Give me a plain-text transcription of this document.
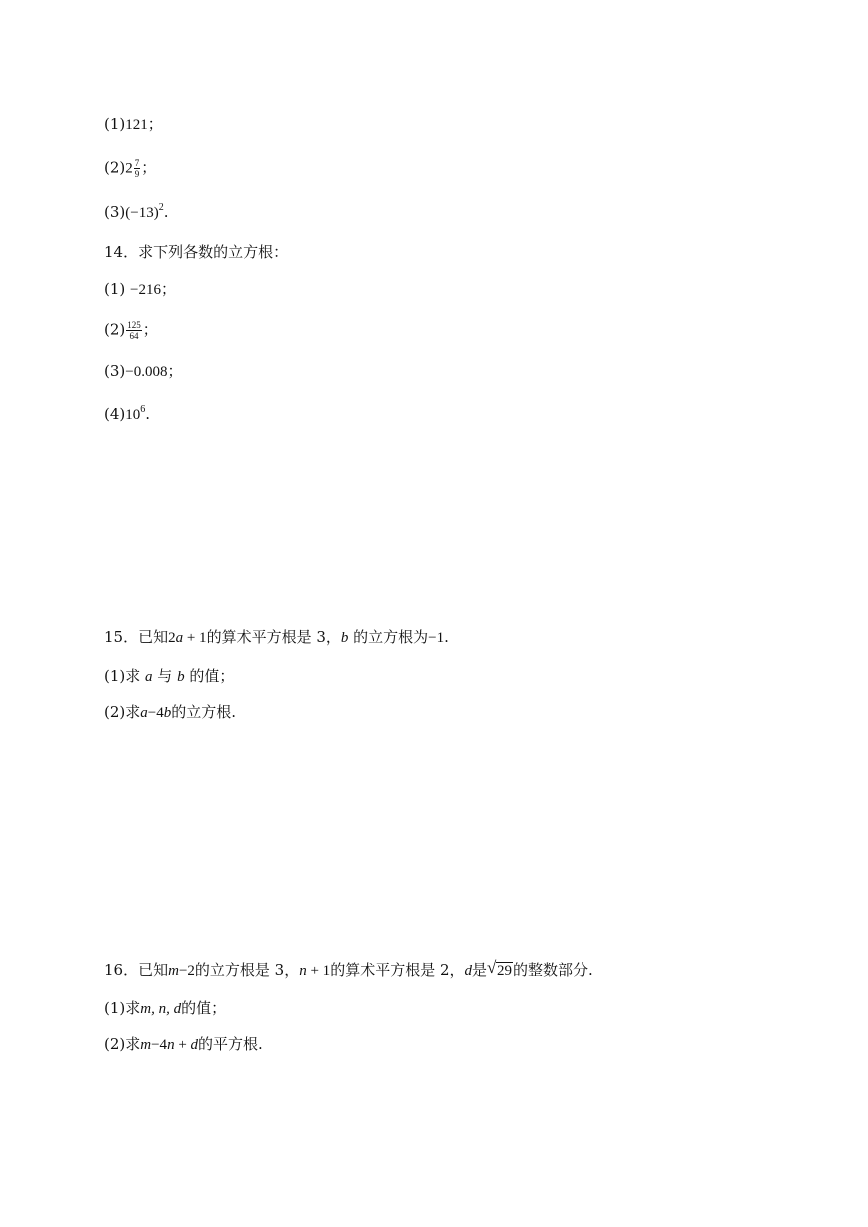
(1)121；
$(2)2 \frac{7}{9}$ ；
$(3)(-13)^2$.
14．求下列各数的立方根：
(1) −216；
$(2) \frac{125}{64}$ ；
(3)−0.008；
$(4)10^6$.
15．已知2a + 1的算术平方根是 3，b 的立方根为−1.
(1)求 a 与 b 的值；
(2)求a−4b的立方根.
16．已知m−2的立方根是 3，n + 1的算术平方根是 2，d是 √ 29的整数部分.
(1)求m, n, d的值；
(2)求m−4n + d的平方根.
